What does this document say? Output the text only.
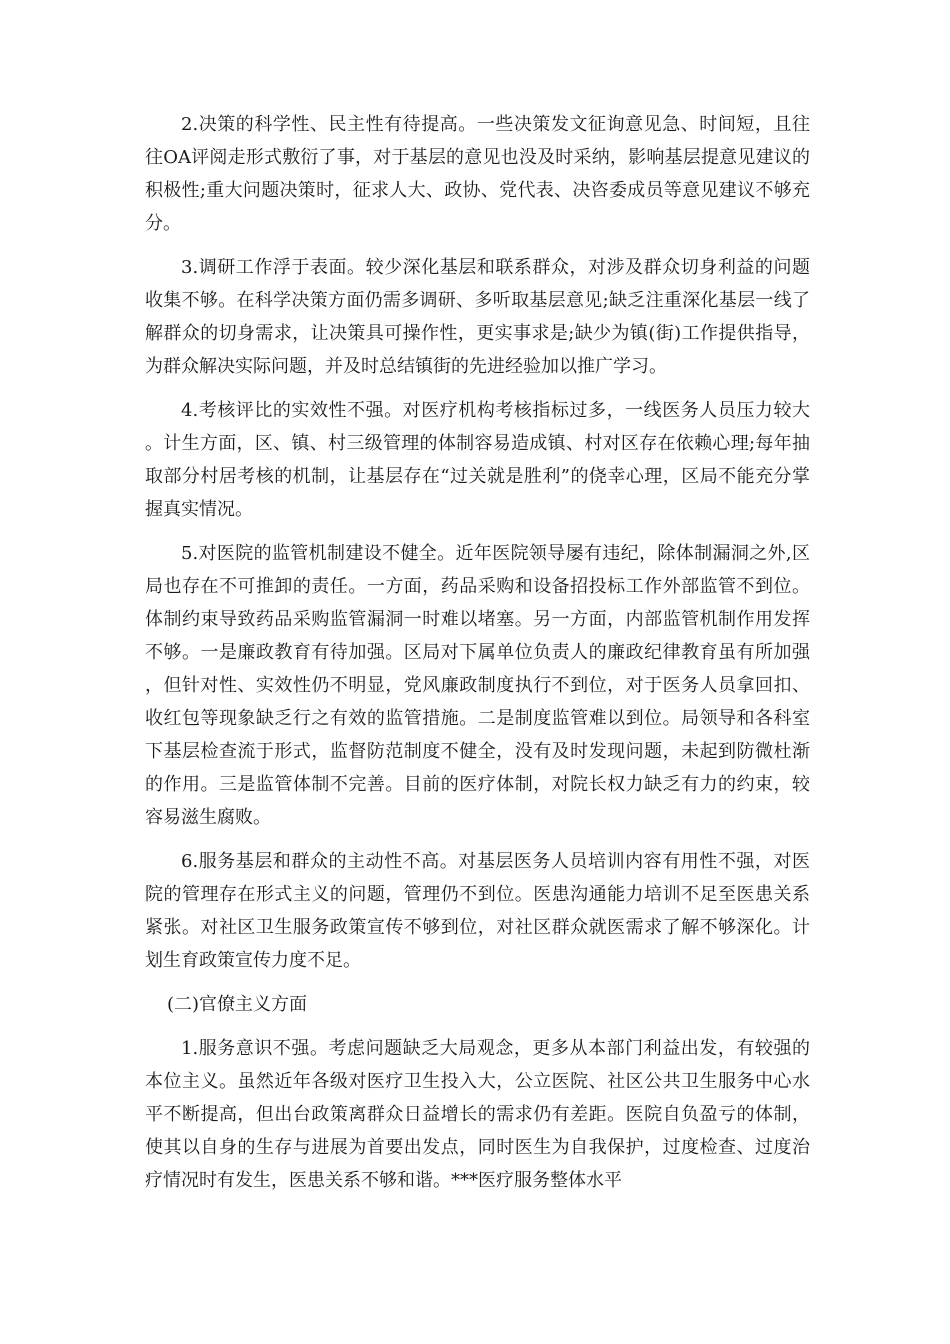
2.决策的科学性、民主性有待提高。一些决策发文征询意见急、时间短，且往往OA评阅走形式敷衍了事，对于基层的意见也没及时采纳，影响基层提意见建议的积极性;重大问题决策时，征求人大、政协、党代表、决咨委成员等意见建议不够充分。

3.调研工作浮于表面。较少深化基层和联系群众，对涉及群众切身利益的问题收集不够。在科学决策方面仍需多调研、多听取基层意见;缺乏注重深化基层一线了解群众的切身需求，让决策具可操作性，更实事求是;缺少为镇(街)工作提供指导，为群众解决实际问题，并及时总结镇街的先进经验加以推广学习。

4.考核评比的实效性不强。对医疗机构考核指标过多，一线医务人员压力较大。计生方面，区、镇、村三级管理的体制容易造成镇、村对区存在依赖心理;每年抽取部分村居考核的机制，让基层存在“过关就是胜利”的侥幸心理，区局不能充分掌握真实情况。

5.对医院的监管机制建设不健全。近年医院领导屡有违纪，除体制漏洞之外,区局也存在不可推卸的责任。一方面，药品采购和设备招投标工作外部监管不到位。体制约束导致药品采购监管漏洞一时难以堵塞。另一方面，内部监管机制作用发挥不够。一是廉政教育有待加强。区局对下属单位负责人的廉政纪律教育虽有所加强，但针对性、实效性仍不明显，党风廉政制度执行不到位，对于医务人员拿回扣、收红包等现象缺乏行之有效的监管措施。二是制度监管难以到位。局领导和各科室下基层检查流于形式，监督防范制度不健全，没有及时发现问题，未起到防微杜渐的作用。三是监管体制不完善。目前的医疗体制，对院长权力缺乏有力的约束，较容易滋生腐败。

6.服务基层和群众的主动性不高。对基层医务人员培训内容有用性不强，对医院的管理存在形式主义的问题，管理仍不到位。医患沟通能力培训不足至医患关系紧张。对社区卫生服务政策宣传不够到位，对社区群众就医需求了解不够深化。计划生育政策宣传力度不足。

(二)官僚主义方面

1.服务意识不强。考虑问题缺乏大局观念，更多从本部门利益出发，有较强的本位主义。虽然近年各级对医疗卫生投入大，公立医院、社区公共卫生服务中心水平不断提高，但出台政策离群众日益增长的需求仍有差距。医院自负盈亏的体制，使其以自身的生存与进展为首要出发点，同时医生为自我保护，过度检查、过度治疗情况时有发生，医患关系不够和谐。***医疗服务整体水平
